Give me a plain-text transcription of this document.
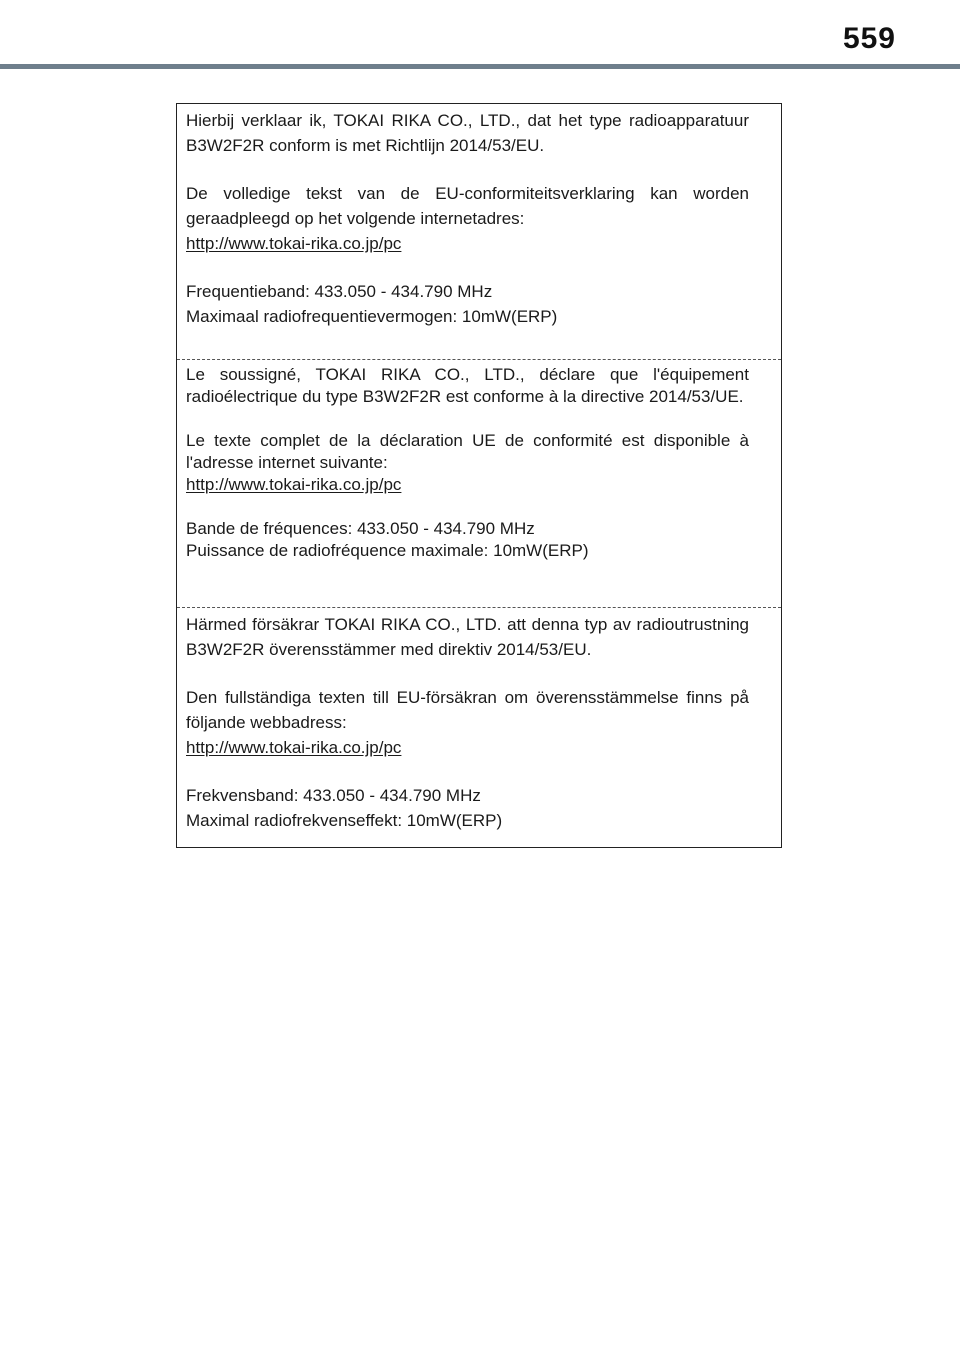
559

Hierbij verklaar ik, TOKAI RIKA CO., LTD., dat het type radioapparatuur B3W2F2R conform is met Richtlijn 2014/53/EU.

De volledige tekst van de EU-conformiteitsverklaring kan worden geraadpleegd op het volgende internetadres:

http://www.tokai-rika.co.jp/pc

Frequentieband: 433.050 - 434.790 MHz

Maximaal radiofrequentievermogen: 10mW(ERP)

Le soussigné, TOKAI RIKA CO., LTD., déclare que l'équipement radioélectrique du type B3W2F2R est conforme à la directive 2014/53/UE.

Le texte complet de la déclaration UE de conformité est disponible à l'adresse internet suivante:

http://www.tokai-rika.co.jp/pc

Bande de fréquences: 433.050 - 434.790 MHz

Puissance de radiofréquence maximale: 10mW(ERP)

Härmed försäkrar TOKAI RIKA CO., LTD. att denna typ av radioutrustning B3W2F2R överensstämmer med direktiv 2014/53/EU.

Den fullständiga texten till EU-försäkran om överensstämmelse finns på följande webbadress:

http://www.tokai-rika.co.jp/pc

Frekvensband: 433.050 - 434.790 MHz

Maximal radiofrekvenseffekt: 10mW(ERP)
